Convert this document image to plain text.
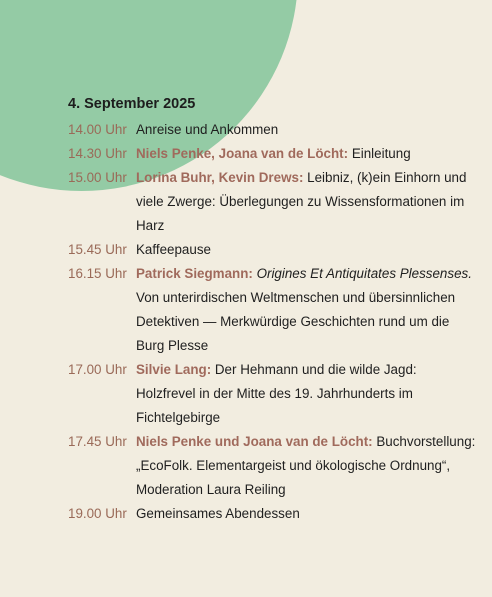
4. September 2025
14.00 Uhr Anreise und Ankommen
14.30 Uhr Niels Penke, Joana van de Löcht: Einleitung
15.00 Uhr Lorina Buhr, Kevin Drews: Leibniz, (k)ein Einhorn und viele Zwerge: Überlegungen zu Wissensformationen im Harz
15.45 Uhr Kaffeepause
16.15 Uhr Patrick Siegmann: Origines Et Antiquitates Plessenses. Von unterirdischen Weltmenschen und übersinnlichen Detektiven — Merkwürdige Geschichten rund um die Burg Plesse
17.00 Uhr Silvie Lang: Der Hehmann und die wilde Jagd: Holzfrevel in der Mitte des 19. Jahrhunderts im Fichtelgebirge
17.45 Uhr Niels Penke und Joana van de Löcht: Buchvorstellung: „EcoFolk. Elementargeist und ökologische Ordnung“, Moderation Laura Reiling
19.00 Uhr Gemeinsames Abendessen
